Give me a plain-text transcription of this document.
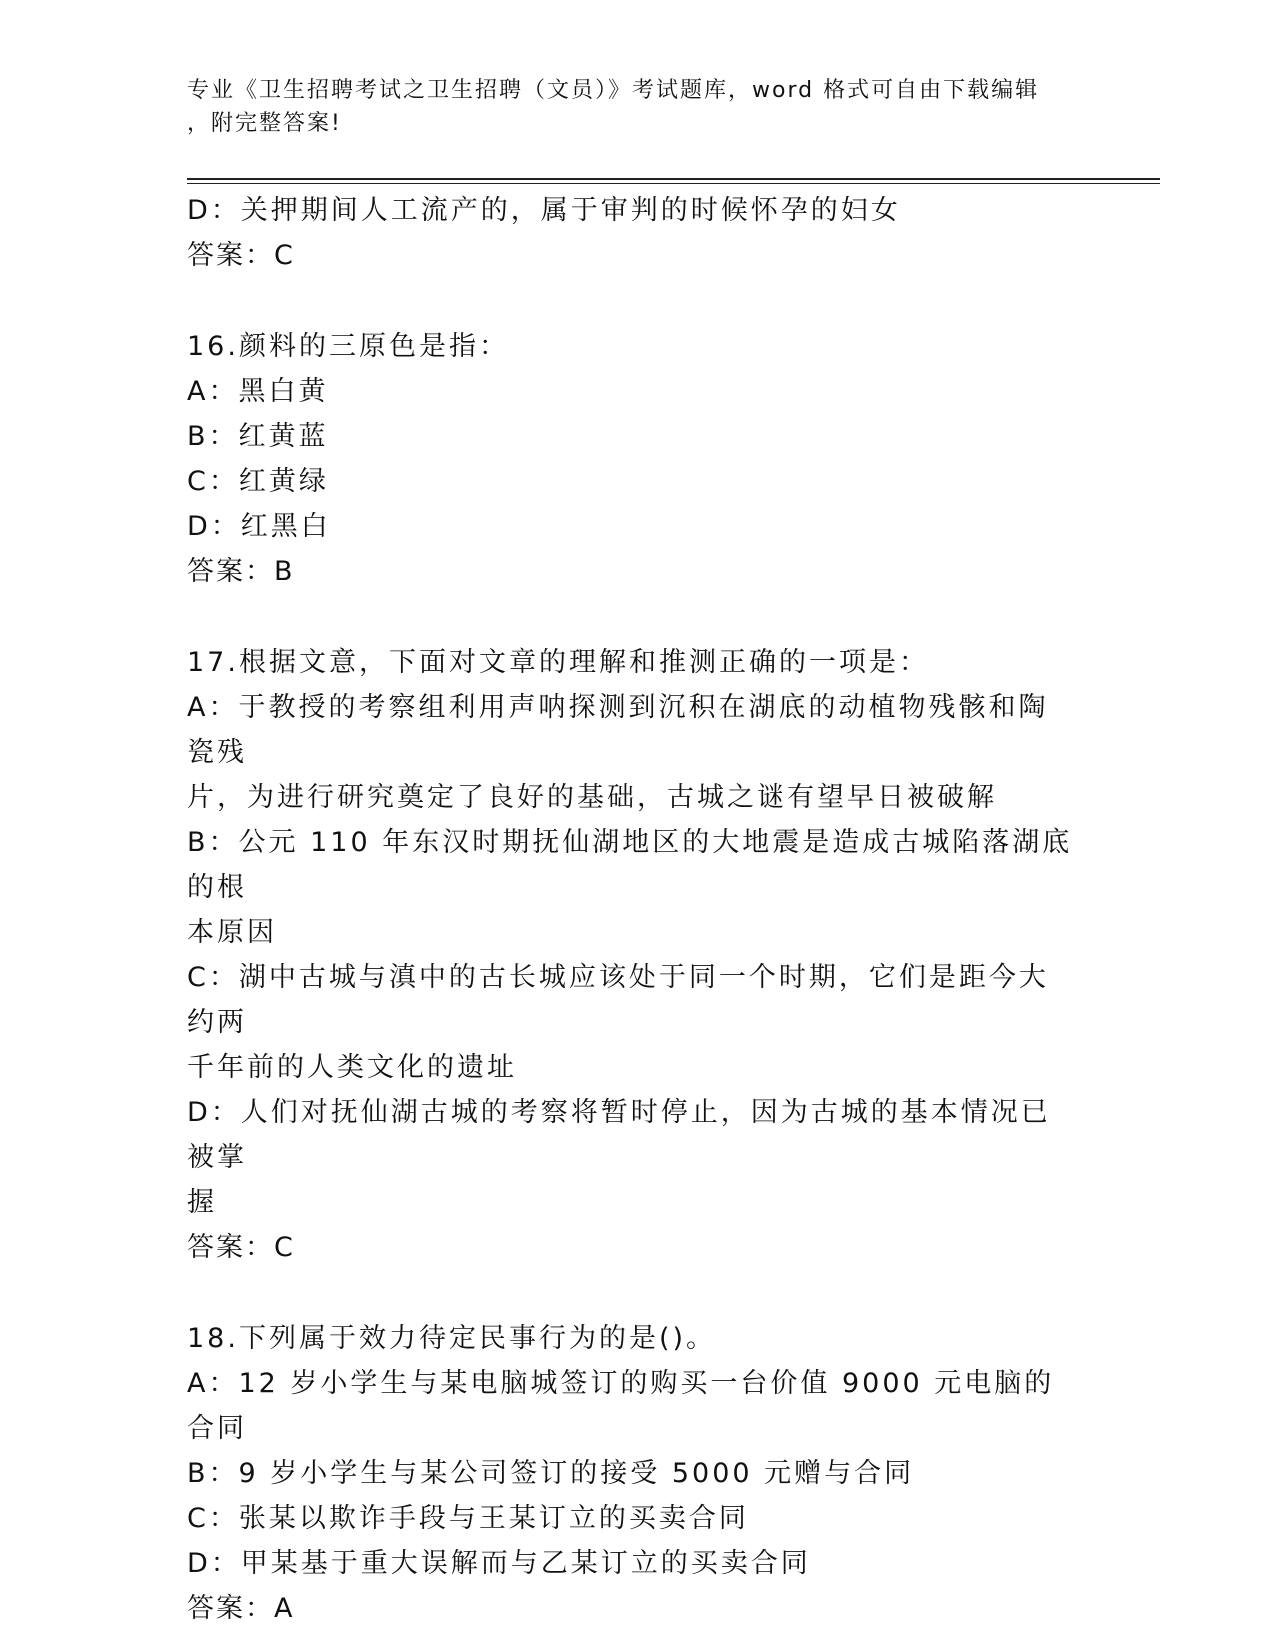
专业《卫生招聘考试之卫生招聘（文员）》考试题库，word 格式可自由下载编辑
，附完整答案!
D：关押期间人工流产的，属于审判的时候怀孕的妇女
答案：C
16.颜料的三原色是指：
A：黑白黄
B：红黄蓝
C：红黄绿
D：红黑白
答案：B
17.根据文意，下面对文章的理解和推测正确的一项是：
A：于教授的考察组利用声呐探测到沉积在湖底的动植物残骸和陶瓷残
片，为进行研究奠定了良好的基础，古城之谜有望早日被破解
B：公元 110 年东汉时期抚仙湖地区的大地震是造成古城陷落湖底的根
本原因
C：湖中古城与滇中的古长城应该处于同一个时期，它们是距今大约两
千年前的人类文化的遗址
D：人们对抚仙湖古城的考察将暂时停止，因为古城的基本情况已被掌
握
答案：C
18.下列属于效力待定民事行为的是()。
A：12 岁小学生与某电脑城签订的购买一台价值 9000 元电脑的合同
B：9 岁小学生与某公司签订的接受 5000 元赠与合同
C：张某以欺诈手段与王某订立的买卖合同
D：甲某基于重大误解而与乙某订立的买卖合同
答案：A
